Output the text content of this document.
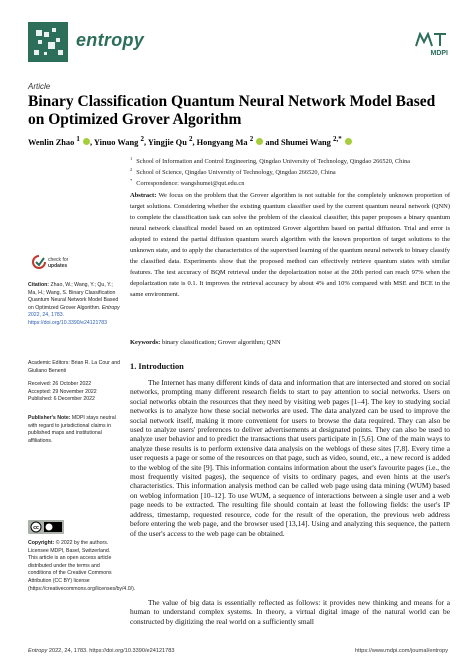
entropy
MDPI
Article
Binary Classification Quantum Neural Network Model Based on Optimized Grover Algorithm
Wenlin Zhao $^1$ , Yinuo Wang $^2$, Yingjie Qu $^2$, Hongyang Ma $^2$ and Shumei Wang $^{2,*}$
$^1$ School of Information and Control Engineering, Qingdao University of Technology, Qingdao 266520, China
$^2$ School of Science, Qingdao University of Technology, Qingdao 266520, China
* Correspondence: wangshumei@qut.edu.cn
Abstract: We focus on the problem that the Grover algorithm is not suitable for the completely unknown proportion of target solutions. Considering whether the existing quantum classifier used by the current quantum neural network (QNN) to complete the classification task can solve the problem of the classical classifier, this paper proposes a binary quantum neural network classifical model based on an optimized Grover algorithm based on partial diffusion. Trial and error is adopted to extend the partial diffusion quantum search algorithm with the known proportion of target solutions to the unknown state, and to apply the characteristics of the supervised learning of the quantum neural network to binary classify the classified data. Experiments show that the proposed method can effectively retrieve quantum states with similar features. The test accuracy of BQM retrieval under the depolarization noise at the 20th period can reach 97% when the depolarization rate is 0.1. It improves the retrieval accuracy by about 4% and 10% compared with MSE and BCE in the same environment.
Keywords: binary classification; Grover algorithm; QNN
check for
updates
Citation: Zhao, W.; Wang, Y.; Qu, Y.; Ma, H.; Wang, S. Binary Classification Quantum Neural Network Model Based on Optimized Grover Algorithm. Entropy 2022, 24, 1783. https://doi.org/10.3390/e24121783
Academic Editors: Brian R. La Cour and Giuliano Benenti
Received: 26 October 2022
Accepted: 29 November 2022
Published: 6 December 2022
Publisher's Note: MDPI stays neutral with regard to jurisdictional claims in published maps and institutional affiliations.
cc
Copyright: © 2022 by the authors. Licensee MDPI, Basel, Switzerland. This article is an open access article distributed under the terms and conditions of the Creative Commons Attribution (CC BY) license (https://creativecommons.org/licenses/by/4.0/).
1. Introduction
The Internet has many different kinds of data and information that are intersected and stored on social networks, prompting many different research fields to start to pay attention to social networks. Users on social networks obtain the resources that they need by visiting web pages [1–4]. The key to studying social networks is to analyze how these social networks are used. The data analyzed can be used to improve the social network itself, making it more convenient for users to browse the data required. They can also be used to analyze users' preferences to deliver advertisements at designated points. They can also be used to analyze user behavior and to predict the transactions that users participate in [5,6]. One of the main ways to analyze these results is to perform extensive data analysis on the weblogs of these sites [7,8]. Every time a user requests a page or some of the resources on that page, such as video, sound, etc., a new record is added to the weblog of the site [9]. This information contains information about the user's favourite pages (i.e., the most frequently visited pages), the sequence of visits to ordinary pages, and even hints at the user's characteristics. This information analysis method can be called web page using data mining (WUM) based on weblog information [10–12]. To use WUM, a sequence of interactions between a single user and a web page needs to be extracted. The resulting file should contain at least the following fields: the user's IP address, timestamp, requested resource, code for the result of the operation, the previous web address before entering the web page, and the browser used [13,14]. Using and analyzing this sequence, the pattern of the user's access to the web page can be obtained.
The value of big data is essentially reflected as follows: it provides new thinking and means for a human to understand complex systems. In theory, a virtual digital image of the natural world can be constructed by digitizing the real world on a sufficiently small
Entropy 2022, 24, 1783. https://doi.org/10.3390/e24121783	https://www.mdpi.com/journal/entropy
